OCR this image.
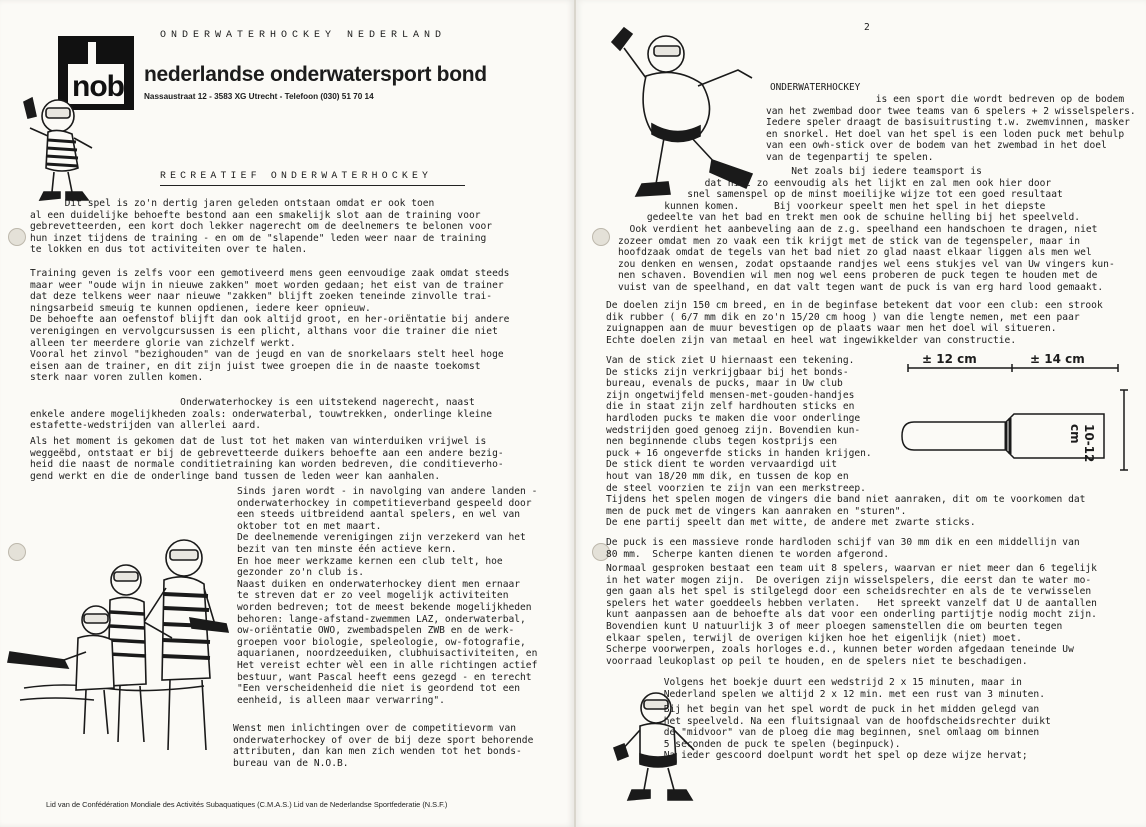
nob
ONDERWATERHOCKEY NEDERLAND
nederlandse onderwatersport bond
Nassaustraat 12 - 3583 XG Utrecht - Telefoon (030) 51 70 14
RECREATIEF ONDERWATERHOCKEY
Dit spel is zo'n dertig jaren geleden ontstaan omdat er ook toen
al een duidelijke behoefte bestond aan een smakelijk slot aan de training voor
gebrevetteerden, een kort doch lekker nagerecht om de deelnemers te belonen voor
hun inzet tijdens de training - en om de "slapende" leden weer naar de training
te lokken en dus tot activiteiten over te halen.
Training geven is zelfs voor een gemotiveerd mens geen eenvoudige zaak omdat steeds
maar weer "oude wijn in nieuwe zakken" moet worden gedaan; het eist van de trainer
dat deze telkens weer naar nieuwe "zakken" blijft zoeken teneinde zinvolle trai-
ningsarbeid smeuig te kunnen opdienen, iedere keer opnieuw.
De behoefte aan oefenstof blijft dan ook altijd groot, en her-oriëntatie bij andere
verenigingen en vervolgcursussen is een plicht, althans voor die trainer die niet
alleen ter meerdere glorie van zichzelf werkt.
Vooral het zinvol "bezighouden" van de jeugd en van de snorkelaars stelt heel hoge
eisen aan de trainer, en dit zijn juist twee groepen die in de naaste toekomst
sterk naar voren zullen komen.
Onderwaterhockey is een uitstekend nagerecht, naast
enkele andere mogelijkheden zoals: onderwaterbal, touwtrekken, onderlinge kleine
estafette-wedstrijden van allerlei aard.
Als het moment is gekomen dat de lust tot het maken van winterduiken vrijwel is
weggeëbd, ontstaat er bij de gebrevetteerde duikers behoefte aan een andere bezig-
heid die naast de normale conditietraining kan worden bedreven, die conditieverho-
gend werkt en die de onderlinge band tussen de leden weer kan aanhalen.
Sinds jaren wordt - in navolging van andere landen -
onderwaterhockey in competitieverband gespeeld door
een steeds uitbreidend aantal spelers, en wel van
oktober tot en met maart.
De deelnemende verenigingen zijn verzekerd van het
bezit van ten minste één actieve kern.
En hoe meer werkzame kernen een club telt, hoe
gezonder zo'n club is.
Naast duiken en onderwaterhockey dient men ernaar
te streven dat er zo veel mogelijk activiteiten
worden bedreven; tot de meest bekende mogelijkheden
behoren: lange-afstand-zwemmen LAZ, onderwaterbal,
ow-oriëntatie OWO, zwembadspelen ZWB en de werk-
groepen voor biologie, speleologie, ow-fotografie,
aquarianen, noordzeeduiken, clubhuisactiviteiten, en
Het vereist echter wèl een in alle richtingen actief
bestuur, want Pascal heeft eens gezegd - en terecht
"Een verscheidenheid die niet is geordend tot een
eenheid, is alleen maar verwarring".
Wenst men inlichtingen over de competitievorm van
onderwaterhockey of over de bij deze sport behorende
attributen, dan kan men zich wenden tot het bonds-
bureau van de N.O.B.
Lid van de Confédération Mondiale des Activités Subaquatiques (C.M.A.S.) Lid van de Nederlandse Sportfederatie (N.S.F.)
2
ONDERWATERHOCKEY
is een sport die wordt bedreven op de bodem
van het zwembad door twee teams van 6 spelers + 2 wisselspelers.
Iedere speler draagt de basisuitrusting t.w. zwemvinnen, masker
en snorkel. Het doel van het spel is een loden puck met behulp
van een owh-stick over de bodem van het zwembad in het doel
van de tegenpartij te spelen.
Net zoals bij iedere teamsport is
dat niet zo eenvoudig als het lijkt en zal men ook hier door
snel samenspel op de minst moeilijke wijze tot een goed resultaat
kunnen komen.      Bij voorkeur speelt men het spel in het diepste
gedeelte van het bad en trekt men ook de schuine helling bij het speelveld.
Ook verdient het aanbeveling aan de z.g. speelhand een handschoen te dragen, niet
zozeer omdat men zo vaak een tik krijgt met de stick van de tegenspeler, maar in
hoofdzaak omdat de tegels van het bad niet zo glad naast elkaar liggen als men wel
zou denken en wensen, zodat opstaande randjes wel eens stukjes vel van Uw vingers kun-
nen schaven. Bovendien wil men nog wel eens proberen de puck tegen te houden met de
vuist van de speelhand, en dat valt tegen want de puck is van erg hard lood gemaakt.
De doelen zijn 150 cm breed, en in de beginfase betekent dat voor een club: een strook
dik rubber ( 6/7 mm dik en zo'n 15/20 cm hoog ) van die lengte nemen, met een paar
zuignappen aan de muur bevestigen op de plaats waar men het doel wil situeren.
Echte doelen zijn van metaal en heel wat ingewikkelder van constructie.
± 12 cm	± 14 cm
10-12 cm
Van de stick ziet U hiernaast een tekening.
De sticks zijn verkrijgbaar bij het bonds-
bureau, evenals de pucks, maar in Uw club
zijn ongetwijfeld mensen-met-gouden-handjes
die in staat zijn zelf hardhouten sticks en
hardloden pucks te maken die voor onderlinge
wedstrijden goed genoeg zijn. Bovendien kun-
nen beginnende clubs tegen kostprijs een
puck + 16 ongeverfde sticks in handen krijgen.
De stick dient te worden vervaardigd uit
hout van 18/20 mm dik, en tussen de kop en
de steel voorzien te zijn van een merkstreep.
Tijdens het spelen mogen de vingers die band niet aanraken, dit om te voorkomen dat
men de puck met de vingers kan aanraken en "sturen".
De ene partij speelt dan met witte, de andere met zwarte sticks.
De puck is een massieve ronde hardloden schijf van 30 mm dik en een middellijn van
80 mm.  Scherpe kanten dienen te worden afgerond.
Normaal gesproken bestaat een team uit 8 spelers, waarvan er niet meer dan 6 tegelijk
in het water mogen zijn.  De overigen zijn wisselspelers, die eerst dan te water mo-
gen gaan als het spel is stilgelegd door een scheidsrechter en als de te verwisselen
spelers het water goeddeels hebben verlaten.   Het spreekt vanzelf dat U de aantallen
kunt aanpassen aan de behoefte als dat voor een onderling partijtje nodig mocht zijn.
Bovendien kunt U natuurlijk 3 of meer ploegen samenstellen die om beurten tegen
elkaar spelen, terwijl de overigen kijken hoe het eigenlijk (niet) moet.
Scherpe voorwerpen, zoals horloges e.d., kunnen beter worden afgedaan teneinde Uw
voorraad leukoplast op peil te houden, en de spelers niet te beschadigen.
Volgens het boekje duurt een wedstrijd 2 x 15 minuten, maar in
Nederland spelen we altijd 2 x 12 min. met een rust van 3 minuten.
Bij het begin van het spel wordt de puck in het midden gelegd van
het speelveld. Na een fluitsignaal van de hoofdscheidsrechter duikt
de "midvoor" van de ploeg die mag beginnen, snel omlaag om binnen
5 seconden de puck te spelen (beginpuck).
Na ieder gescoord doelpunt wordt het spel op deze wijze hervat;
